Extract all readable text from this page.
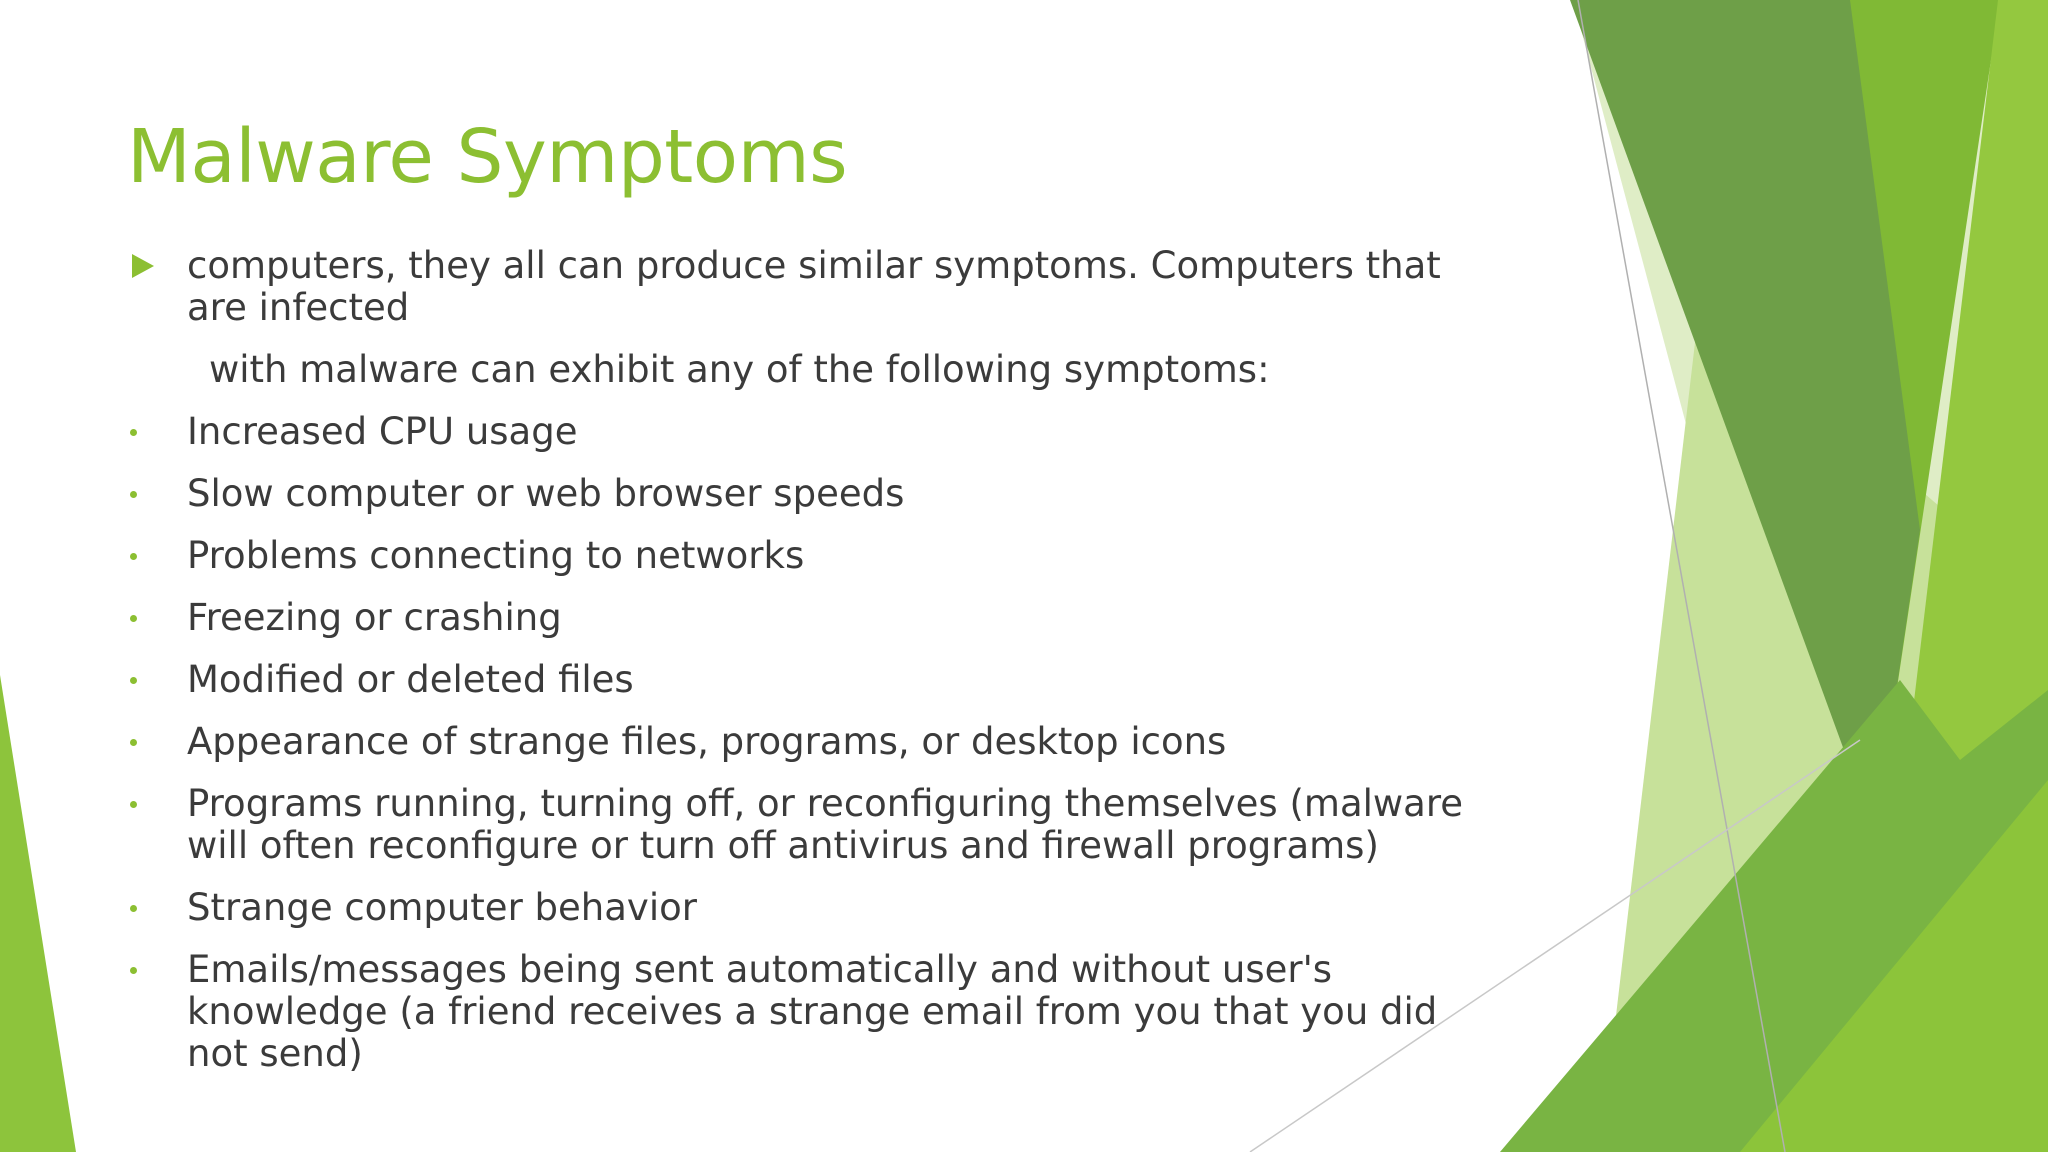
Malware Symptoms
computers, they all can produce similar symptoms. Computers that are infected
with malware can exhibit any of the following symptoms:
Increased CPU usage
Slow computer or web browser speeds
Problems connecting to networks
Freezing or crashing
Modified or deleted files
Appearance of strange files, programs, or desktop icons
Programs running, turning off, or reconfiguring themselves (malware will often reconfigure or turn off antivirus and firewall programs)
Strange computer behavior
Emails/messages being sent automatically and without user's knowledge (a friend receives a strange email from you that you did not send)
